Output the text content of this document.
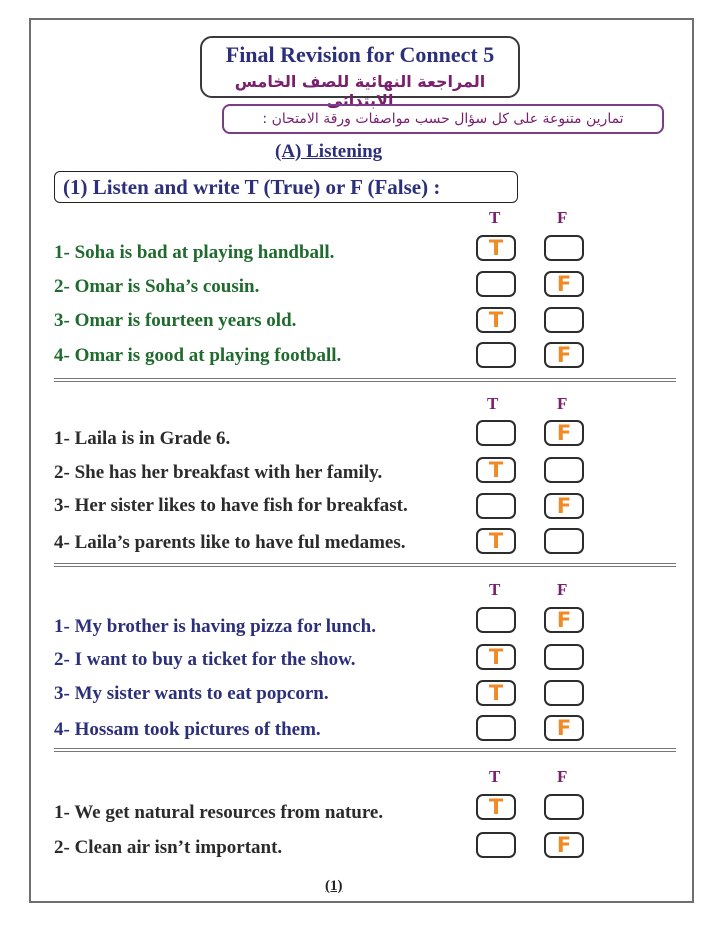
Final Revision for Connect 5
المراجعة النهائية للصف الخامس الابتدائى
تمارين متنوعة على كل سؤال حسب مواصفات ورقة الامتحان :
(A) Listening
(1) Listen and write T (True) or F (False) :
T	F
1- Soha is bad at playing handball.	T
2- Omar is Soha’s cousin.	F
3- Omar is fourteen years old.	T
4- Omar is good at playing football.	F
T	F
1- Laila is in Grade 6.	F
2- She has her breakfast with her family.	T
3- Her sister likes to have fish for breakfast.	F
4- Laila’s parents like to have ful medames.	T
T	F
1- My brother is having pizza for lunch.	F
2- I want to buy a ticket for the show.	T
3- My sister wants to eat popcorn.	T
4- Hossam took pictures of them.	F
T	F
1- We get natural resources from nature.	T
2- Clean air isn’t important.	F
(1)
